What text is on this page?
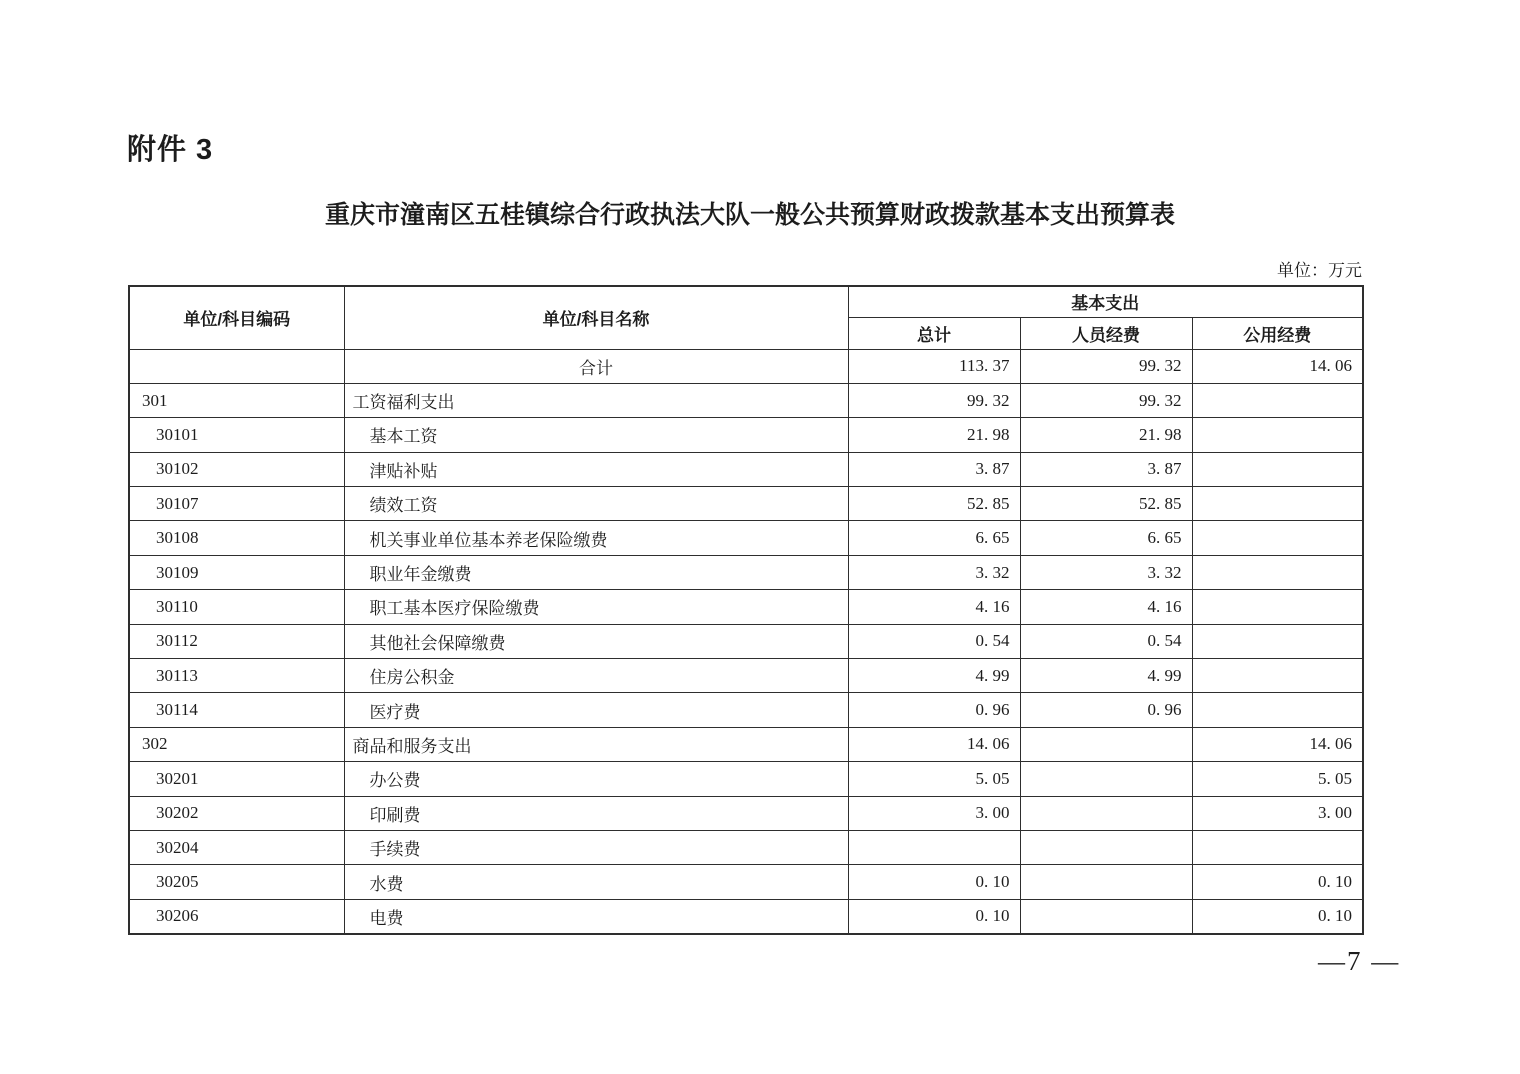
附件 3
重庆市潼南区五桂镇综合行政执法大队一般公共预算财政拨款基本支出预算表
单位：万元
单位/科目编码	单位/科目名称	基本支出		
		总计	人员经费	公用经费
	合计	113. 37	99. 32	14. 06
301	工资福利支出	99. 32	99. 32	
30101	基本工资	21. 98	21. 98	
30102	津贴补贴	3. 87	3. 87	
30107	绩效工资	52. 85	52. 85	
30108	机关事业单位基本养老保险缴费	6. 65	6. 65	
30109	职业年金缴费	3. 32	3. 32	
30110	职工基本医疗保险缴费	4. 16	4. 16	
30112	其他社会保障缴费	0. 54	0. 54	
30113	住房公积金	4. 99	4. 99	
30114	医疗费	0. 96	0. 96	
302	商品和服务支出	14. 06		14. 06
30201	办公费	5. 05		5. 05
30202	印刷费	3. 00		3. 00
30204	手续费			
30205	水费	0. 10		0. 10
30206	电费	0. 10		0. 10
—7 —
